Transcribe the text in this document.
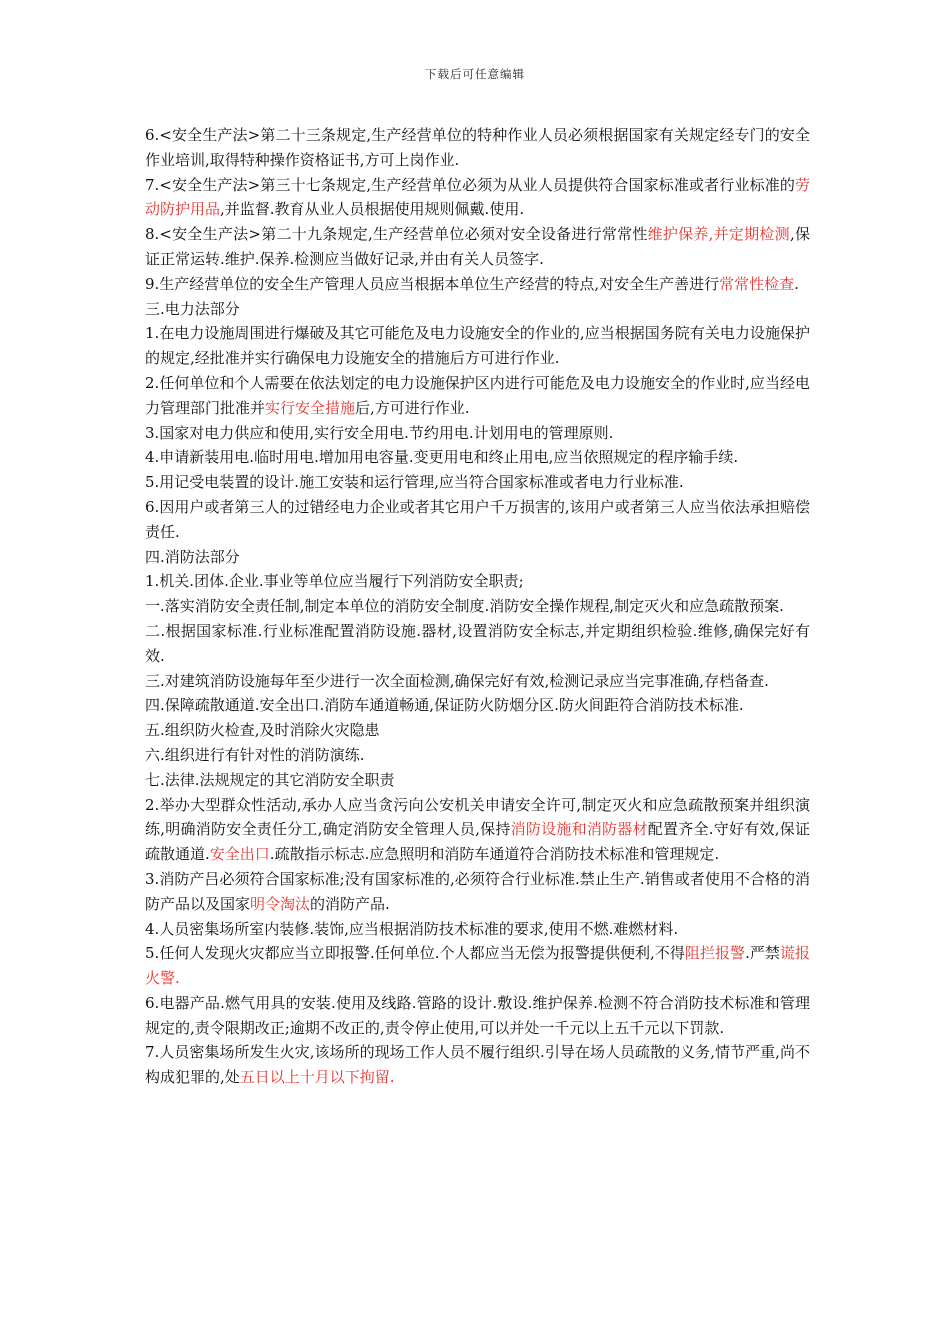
下载后可任意编辑

6.<安全生产法>第二十三条规定,生产经营单位的特种作业人员必须根据国家有关规定经专门的安全作业培训,取得特种操作资格证书,方可上岗作业.

7.<安全生产法>第三十七条规定,生产经营单位必须为从业人员提供符合国家标准或者行业标准的劳动防护用品,并监督.教育从业人员根据使用规则佩戴.使用.

8.<安全生产法>第二十九条规定,生产经营单位必须对安全设备进行常常性维护保养,并定期检测,保证正常运转.维护.保养.检测应当做好记录,并由有关人员签字.

9.生产经营单位的安全生产管理人员应当根据本单位生产经营的特点,对安全生产善进行常常性检查.

三.电力法部分

1.在电力设施周围进行爆破及其它可能危及电力设施安全的作业的,应当根据国务院有关电力设施保护的规定,经批准并实行确保电力设施安全的措施后方可进行作业.

2.任何单位和个人需要在依法划定的电力设施保护区内进行可能危及电力设施安全的作业时,应当经电力管理部门批准并实行安全措施后,方可进行作业.

3.国家对电力供应和使用,实行安全用电.节约用电.计划用电的管理原则.

4.申请新装用电.临时用电.增加用电容量.变更用电和终止用电,应当依照规定的程序输手续.

5.用记受电装置的设计.施工安装和运行管理,应当符合国家标准或者电力行业标准.

6.因用户或者第三人的过错经电力企业或者其它用户千万损害的,该用户或者第三人应当依法承担赔偿责任.

四.消防法部分

1.机关.团体.企业.事业等单位应当履行下列消防安全职责;

一.落实消防安全责任制,制定本单位的消防安全制度.消防安全操作规程,制定灭火和应急疏散预案.

二.根据国家标准.行业标准配置消防设施.器材,设置消防安全标志,并定期组织检验.维修,确保完好有效.

三.对建筑消防设施每年至少进行一次全面检测,确保完好有效,检测记录应当完事准确,存档备查.

四.保障疏散通道.安全出口.消防车通道畅通,保证防火防烟分区.防火间距符合消防技术标准.

五.组织防火检查,及时消除火灾隐患

六.组织进行有针对性的消防演练.

七.法律.法规规定的其它消防安全职责

2.举办大型群众性活动,承办人应当贪污向公安机关申请安全许可,制定灭火和应急疏散预案并组织演练,明确消防安全责任分工,确定消防安全管理人员,保持消防设施和消防器材配置齐全.守好有效,保证疏散通道.安全出口.疏散指示标志.应急照明和消防车通道符合消防技术标准和管理规定.

3.消防产吕必须符合国家标准;没有国家标准的,必须符合行业标准.禁止生产.销售或者使用不合格的消防产品以及国家明令淘汰的消防产品.

4.人员密集场所室内装修.装饰,应当根据消防技术标准的要求,使用不燃.难燃材料.

5.任何人发现火灾都应当立即报警.任何单位.个人都应当无偿为报警提供便利,不得阻拦报警.严禁谎报火警.

6.电器产品.燃气用具的安装.使用及线路.管路的设计.敷设.维护保养.检测不符合消防技术标准和管理规定的,责令限期改正;逾期不改正的,责令停止使用,可以并处一千元以上五千元以下罚款.

7.人员密集场所发生火灾,该场所的现场工作人员不履行组织.引导在场人员疏散的义务,情节严重,尚不构成犯罪的,处五日以上十月以下拘留.
